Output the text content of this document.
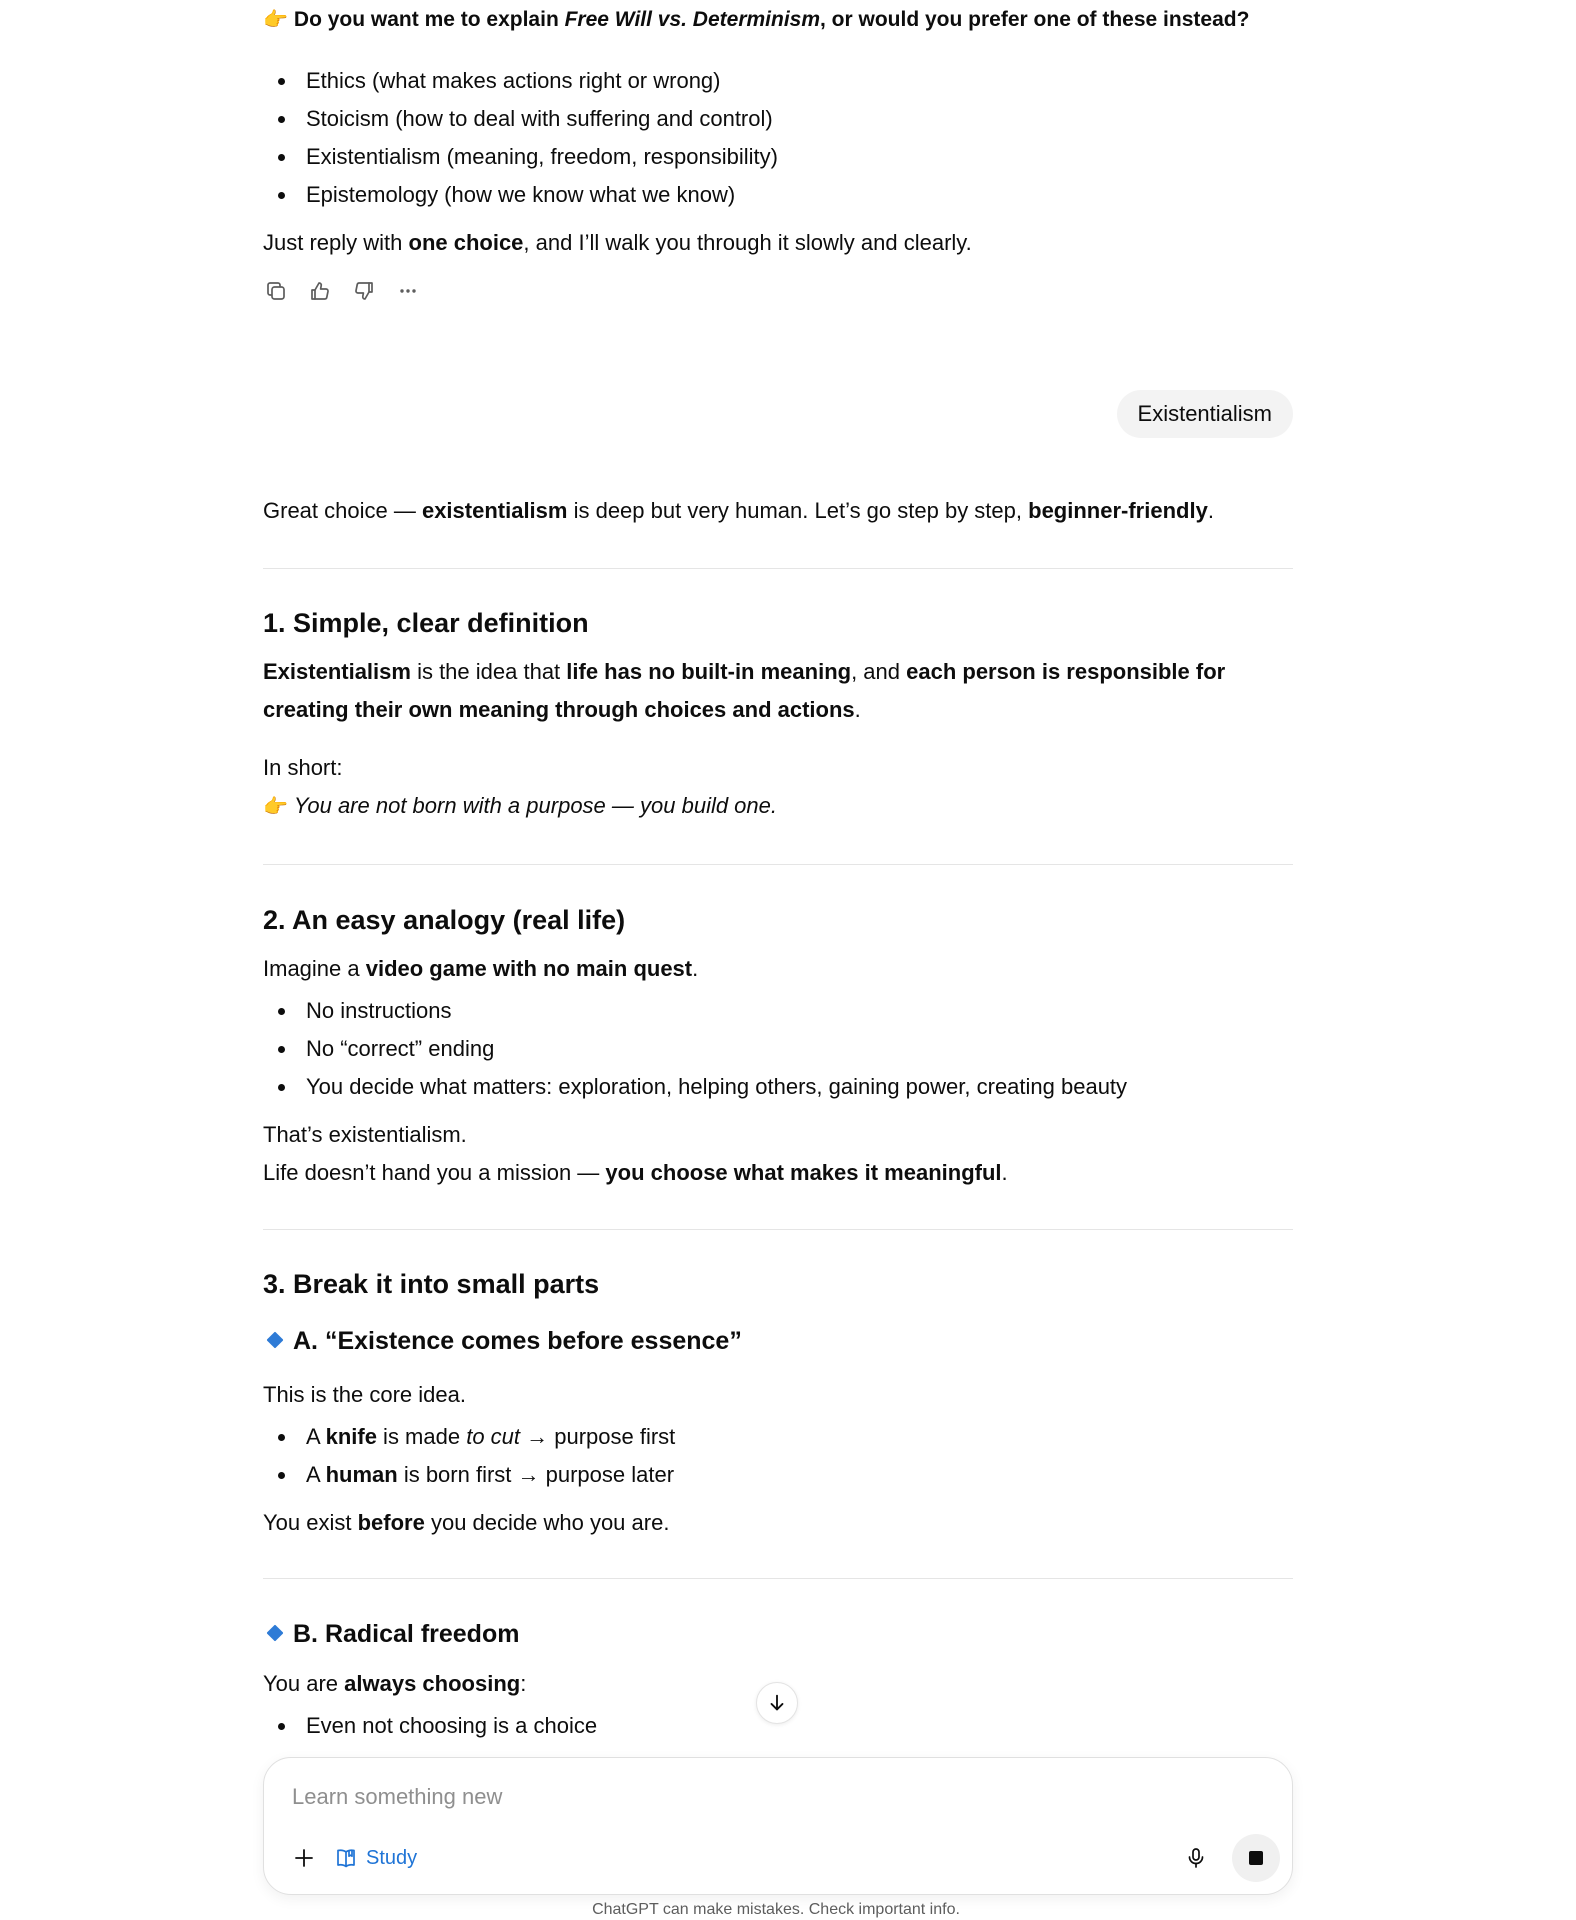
👉 Do you want me to explain Free Will vs. Determinism, or would you prefer one of these instead?

Ethics (what makes actions right or wrong)
Stoicism (how to deal with suffering and control)
Existentialism (meaning, freedom, responsibility)
Epistemology (how we know what we know)

Just reply with one choice, and I’ll walk you through it slowly and clearly.

Existentialism

Great choice — existentialism is deep but very human. Let’s go step by step, beginner-friendly.

1. Simple, clear definition

Existentialism is the idea that life has no built-in meaning, and each person is responsible for creating their own meaning through choices and actions.

In short:

👉 You are not born with a purpose — you build one.

2. An easy analogy (real life)

Imagine a video game with no main quest.

No instructions
No “correct” ending
You decide what matters: exploration, helping others, gaining power, creating beauty

That’s existentialism.

Life doesn’t hand you a mission — you choose what makes it meaningful.

3. Break it into small parts
A. “Existence comes before essence”

This is the core idea.

A knife is made to cut → purpose first
A human is born first → purpose later

You exist before you decide who you are.

B. Radical freedom

You are always choosing:

Even not choosing is a choice
Learn something new
Study
ChatGPT can make mistakes. Check important info.
